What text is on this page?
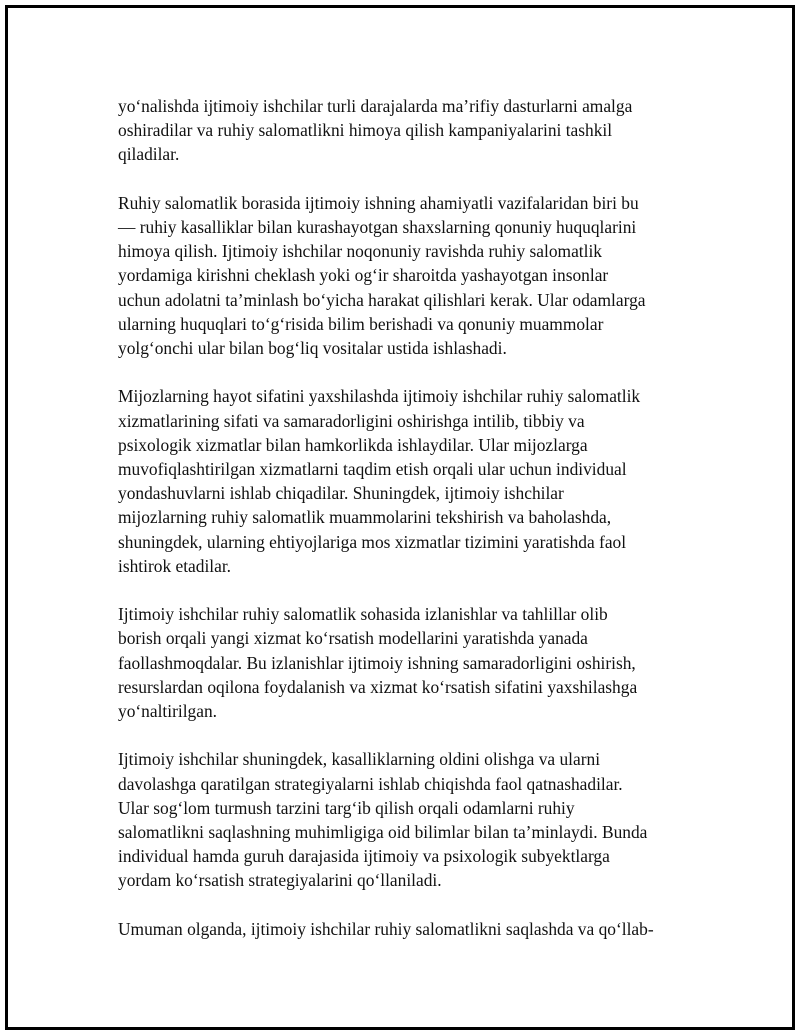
yo‘nalishda ijtimoiy ishchilar turli darajalarda ma’rifiy dasturlarni amalga
oshiradilar va ruhiy salomatlikni himoya qilish kampaniyalarini tashkil
qiladilar.

Ruhiy salomatlik borasida ijtimoiy ishning ahamiyatli vazifalaridan biri bu
— ruhiy kasalliklar bilan kurashayotgan shaxslarning qonuniy huquqlarini
himoya qilish. Ijtimoiy ishchilar noqonuniy ravishda ruhiy salomatlik
yordamiga kirishni cheklash yoki og‘ir sharoitda yashayotgan insonlar
uchun adolatni ta’minlash bo‘yicha harakat qilishlari kerak. Ular odamlarga
ularning huquqlari to‘g‘risida bilim berishadi va qonuniy muammolar
yolg‘onchi ular bilan bog‘liq vositalar ustida ishlashadi.

Mijozlarning hayot sifatini yaxshilashda ijtimoiy ishchilar ruhiy salomatlik
xizmatlarining sifati va samaradorligini oshirishga intilib, tibbiy va
psixologik xizmatlar bilan hamkorlikda ishlaydilar. Ular mijozlarga
muvofiqlashtirilgan xizmatlarni taqdim etish orqali ular uchun individual
yondashuvlarni ishlab chiqadilar. Shuningdek, ijtimoiy ishchilar
mijozlarning ruhiy salomatlik muammolarini tekshirish va baholashda,
shuningdek, ularning ehtiyojlariga mos xizmatlar tizimini yaratishda faol
ishtirok etadilar.

Ijtimoiy ishchilar ruhiy salomatlik sohasida izlanishlar va tahlillar olib
borish orqali yangi xizmat ko‘rsatish modellarini yaratishda yanada
faollashmoqdalar. Bu izlanishlar ijtimoiy ishning samaradorligini oshirish,
resurslardan oqilona foydalanish va xizmat ko‘rsatish sifatini yaxshilashga
yo‘naltirilgan.

Ijtimoiy ishchilar shuningdek, kasalliklarning oldini olishga va ularni
davolashga qaratilgan strategiyalarni ishlab chiqishda faol qatnashadilar.
Ular sog‘lom turmush tarzini targ‘ib qilish orqali odamlarni ruhiy
salomatlikni saqlashning muhimligiga oid bilimlar bilan ta’minlaydi. Bunda
individual hamda guruh darajasida ijtimoiy va psixologik subyektlarga
yordam ko‘rsatish strategiyalarini qo‘llaniladi.

Umuman olganda, ijtimoiy ishchilar ruhiy salomatlikni saqlashda va qo‘llab-
